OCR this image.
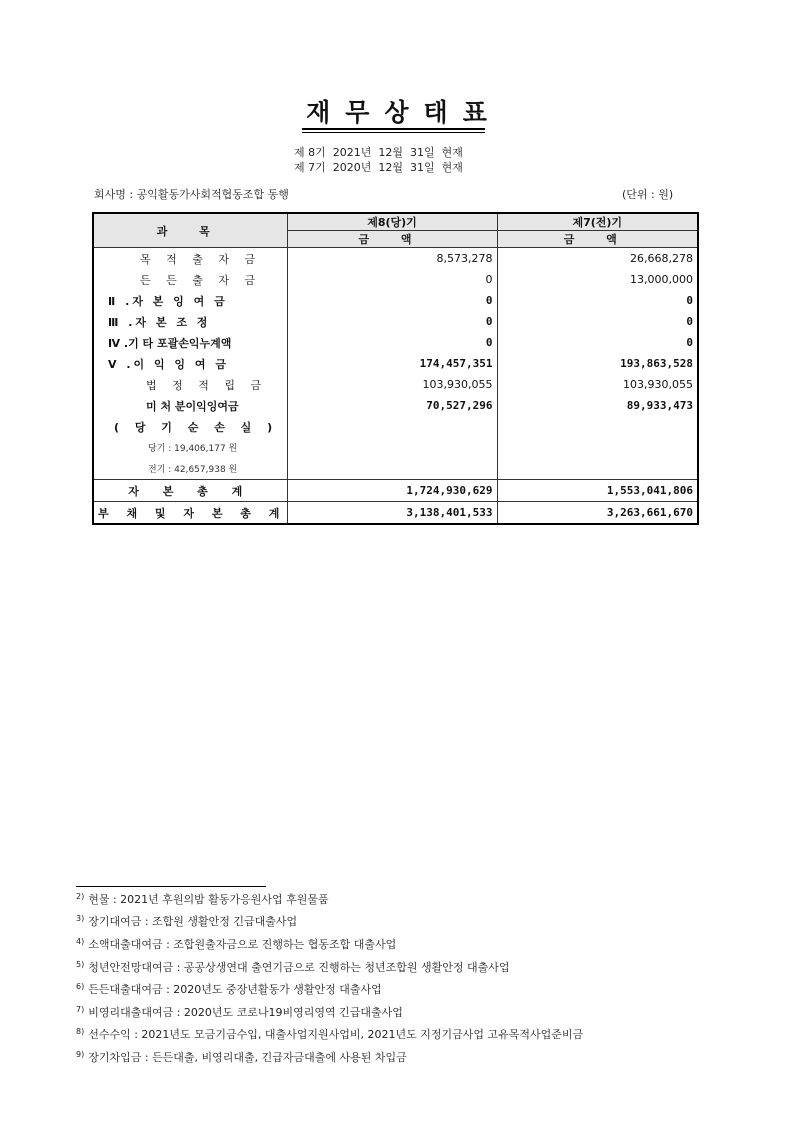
재무상태표
제 8기  2021년  12월  31일  현재
제 7기  2020년  12월  31일  현재
회사명 : 공익활동가사회적협동조합 동행	(단위 : 원)
과 목	제8(당)기	제7(전)기
	금 액	금 액
목 적 출 자 금	8,573,278	26,668,278
든 든 출 자 금	0	13,000,000
Ⅱ .자 본 잉 여 금	0	0
Ⅲ .자 본 조 정	0	0
Ⅳ .기 타 포괄손익누계액	0	0
Ⅴ .이 익 잉 여 금	174,457,351	193,863,528
법 정 적 립 금	103,930,055	103,930,055
미 처 분이익잉여금	70,527,296	89,933,473
( 당 기 순 손 실 )		
당기 : 19,406,177 원		
전기 : 42,657,938 원		
자 본 총 계	1,724,930,629	1,553,041,806
부 채 및 자 본 총 계	3,138,401,533	3,263,661,670
$^{2)}$ 현물 : 2021년 후원의밤 활동가응원사업 후원물품
$^{3)}$ 장기대여금 : 조합원 생활안정 긴급대출사업
$^{4)}$ 소액대출대여금 : 조합원출자금으로 진행하는 협동조합 대출사업
$^{5)}$ 청년안전망대여금 : 공공상생연대 출연기금으로 진행하는 청년조합원 생활안정 대출사업
$^{6)}$ 든든대출대여금 : 2020년도 중장년활동가 생활안정 대출사업
$^{7)}$ 비영리대출대여금 : 2020년도 코로나19비영리영역 긴급대출사업
$^{8)}$ 선수수익 : 2021년도 모금기금수입, 대출사업지원사업비, 2021년도 지정기금사업 고유목적사업준비금
$^{9)}$ 장기차입금 : 든든대출, 비영리대출, 긴급자금대출에 사용된 차입금
